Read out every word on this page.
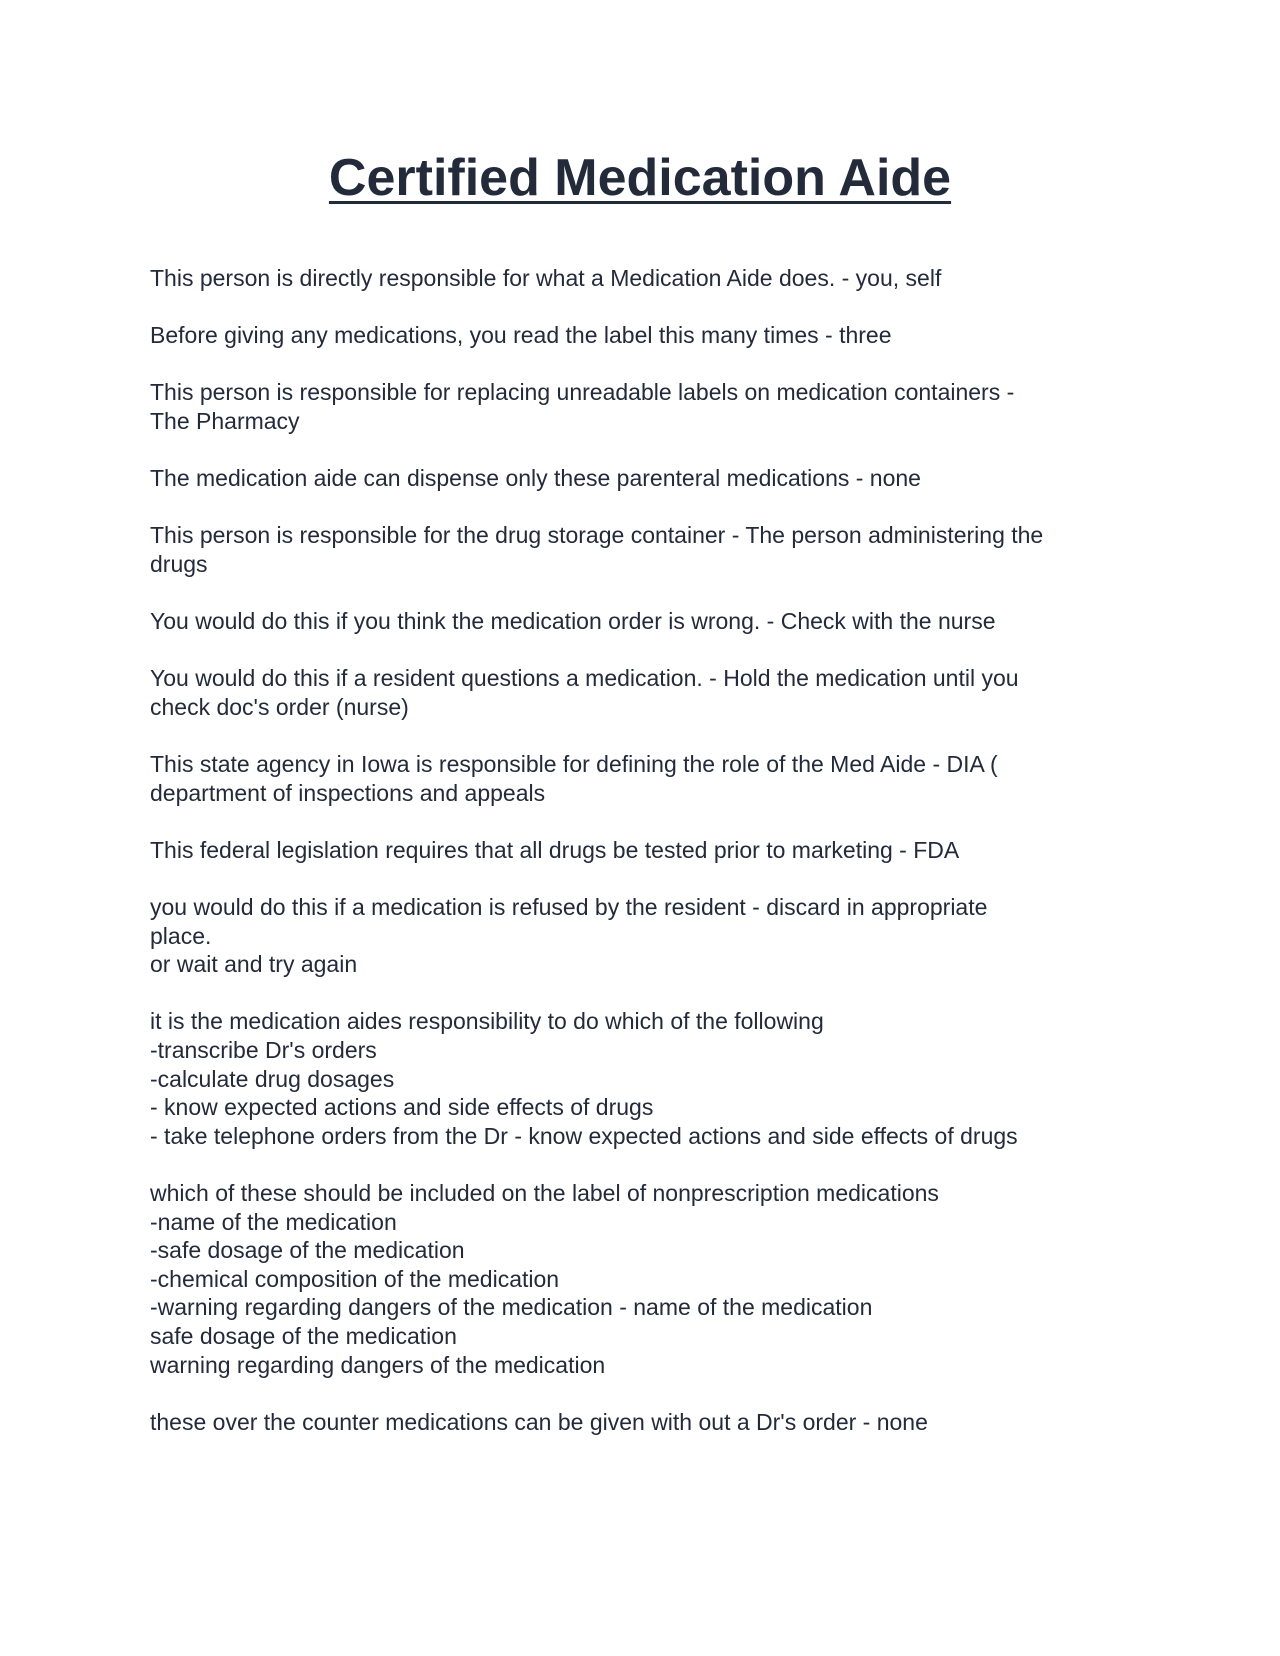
Certified Medication Aide

This person is directly responsible for what a Medication Aide does. - you, self

Before giving any medications, you read the label this many times - three

This person is responsible for replacing unreadable labels on medication containers -
The Pharmacy

The medication aide can dispense only these parenteral medications - none

This person is responsible for the drug storage container - The person administering the
drugs

You would do this if you think the medication order is wrong. - Check with the nurse

You would do this if a resident questions a medication. - Hold the medication until you
check doc's order (nurse)

This state agency in Iowa is responsible for defining the role of the Med Aide - DIA (
department of inspections and appeals

This federal legislation requires that all drugs be tested prior to marketing - FDA

you would do this if a medication is refused by the resident - discard in appropriate
place.
or wait and try again

it is the medication aides responsibility to do which of the following
-transcribe Dr's orders
-calculate drug dosages
- know expected actions and side effects of drugs
- take telephone orders from the Dr - know expected actions and side effects of drugs

which of these should be included on the label of nonprescription medications
-name of the medication
-safe dosage of the medication
-chemical composition of the medication
-warning regarding dangers of the medication - name of the medication
safe dosage of the medication
warning regarding dangers of the medication

these over the counter medications can be given with out a Dr's order - none
